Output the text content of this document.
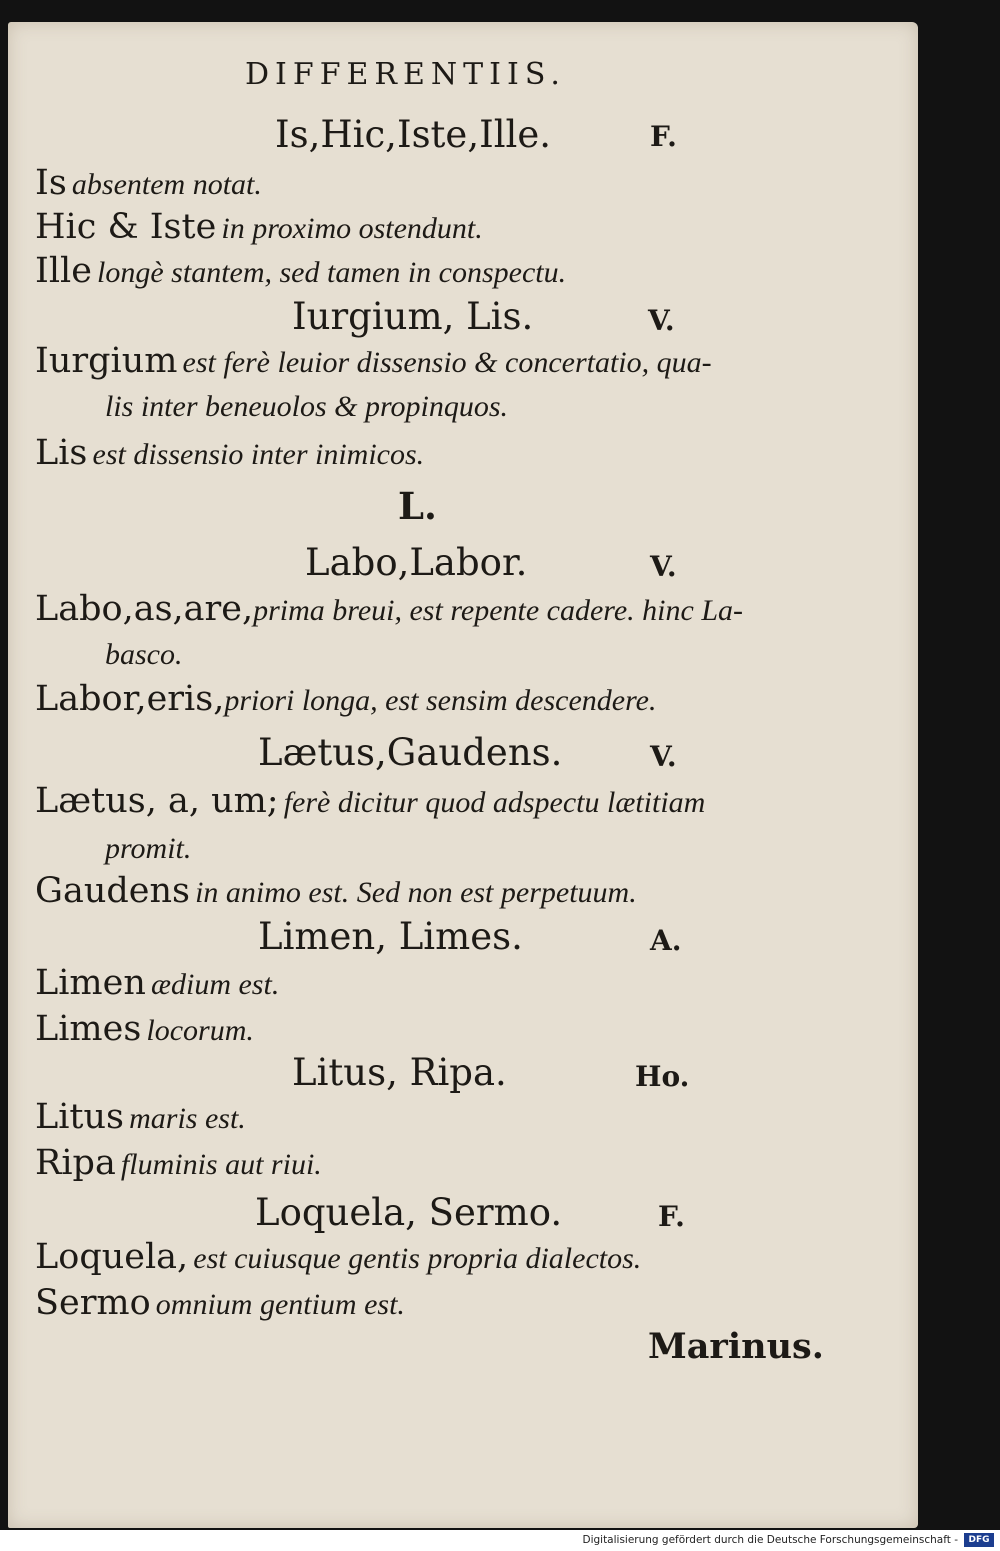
DIFFERENTIIS.
Is,Hic,Iste,Ille.	F.
Is absentem notat.
Hic & Iste in proximo ostendunt.
Ille longè stantem, sed tamen in conspectu.
Iurgium, Lis.	V.
Iurgium est ferè leuior dissensio & concertatio, qua-
lis inter beneuolos & propinquos.
Lis est dissensio inter inimicos.
L.
Labo,Labor.	V.
Labo,as,are,prima breui, est repente cadere. hinc La-
basco.
Labor,eris,priori longa, est sensim descendere.
Lætus,Gaudens.	V.
Lætus, a, um; ferè dicitur quod adspectu lætitiam
promit.
Gaudens in animo est. Sed non est perpetuum.
Limen, Limes.	A.
Limen ædium est.
Limes locorum.
Litus, Ripa.	Ho.
Litus maris est.
Ripa fluminis aut riui.
Loquela, Sermo.	F.
Loquela, est cuiusque gentis propria dialectos.
Sermo omnium gentium est.
Marinus.
Digitalisierung gefördert durch die Deutsche Forschungsgemeinschaft -	DFG
